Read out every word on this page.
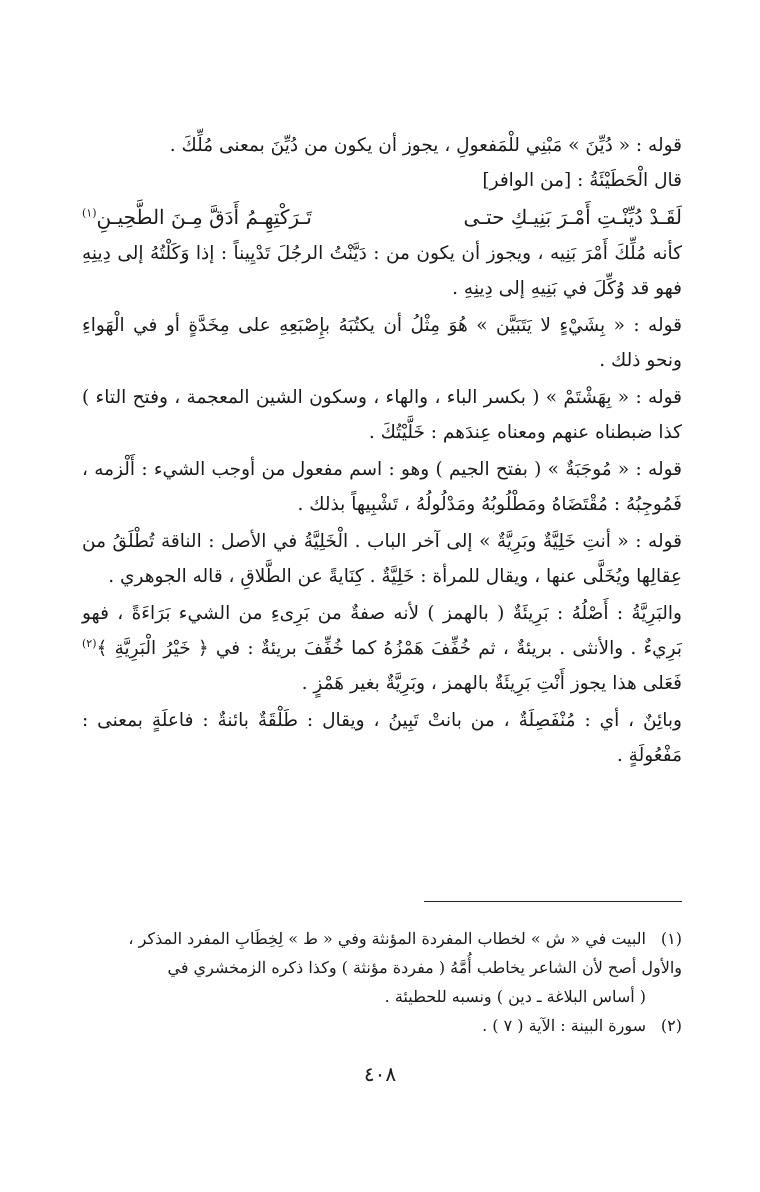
قوله : « دُيِّنَ » مَبْنِي للْمَفعولِ ، يجوز أن يكون من دُيِّنَ بمعنى مُلِّكَ .

قال الْحَطَيْئَةُ : [من الوافر]

لَقَـدْ دُيِّنْـتِ أَمْـرَ بَنِيـكِ حتـى
تَـرَكْتِهِـمُ أَدَقَّ مِـنَ الطَّحِيـنِ$^{(١)}$

كأنه مُلِّكَ أَمْرَ بَنِيه ، ويجوز أن يكون من : دَيَّنْتُ الرجُلَ تَدْيِيناً : إذا وَكَلْتُهُ إلى دِينِهِ فهو قد وُكِّلَ في بَنِيهِ إلى دِينِهِ .

قوله : « بِشَيْءٍ لا يَتَبَيَّن » هُوَ مِثْلُ أن يكتُبَهُ بإِصْبَعِهِ على مِخَدَّةٍ أو في الْهَواءِ ونحو ذلك .

قوله : « بِهَشْتَمْ » ( بكسر الباء ، والهاء ، وسكون الشين المعجمة ، وفتح التاء ) كذا ضبطناه عنهم ومعناه عِندَهم : خَلَّيْتُكَ .

قوله : « مُوجَبَةٌ » ( بفتح الجيم ) وهو : اسم مفعول من أوجب الشيء : أَلْزمه ، فَمُوجِبُهُ : مُقْتَضَاهُ ومَطْلُوبُهُ ومَدْلُولُهُ ، تَشْبِيهاً بذلك .

قوله : « أنتِ خَلِيَّةٌ وبَرِيَّةٌ » إلى آخر الباب . الْخَلِيَّةُ في الأصل : الناقة تُطْلَقُ من عِقالِها ويُخَلَّى عنها ، ويقال للمرأة : خَلِيَّةٌ . كِنَايةً عن الطَّلاقِ ، قاله الجوهري .

والبَرِيَّةُ : أَصْلُهُ : بَرِيئَةٌ ( بالهمز ) لأنه صفةٌ من بَرِىءِ من الشيء بَرَاءَةً ، فهو بَرِيءٌ . والأنثى . بريئةٌ ، ثم خُفِّفَ هَمْزُهُ كما خُفِّفَ بريئةٌ : في ﴿ خَيْرُ الْبَرِيَّةِ ﴾$^{(٢)}$ فَعَلى هذا يجوز أَنْتِ بَرِيئَةٌ بالهمز ، وبَرِيَّةٌ بغير هَمْزٍ .

وبائِنٌ ، أي : مُنْفَصِلَةٌ ، من بانتْ تَبِينُ ، ويقال : طَلْقَةٌ بائنةٌ : فاعلَةٍ بمعنى : مَفْعُولَةٍ .

(١)البيت في « ش » لخطاب المفردة المؤنثة وفي « ط » لِخِطَابِ المفرد المذكر ،

والأول أصح لأن الشاعر يخاطب أُمَّهُ ( مفردة مؤنثة ) وكذا ذكره الزمخشري في

( أساس البلاغة ـ دين ) ونسبه للحطيئة .

(٢)سورة البينة : الآية ( ٧ ) .

٤٠٨
